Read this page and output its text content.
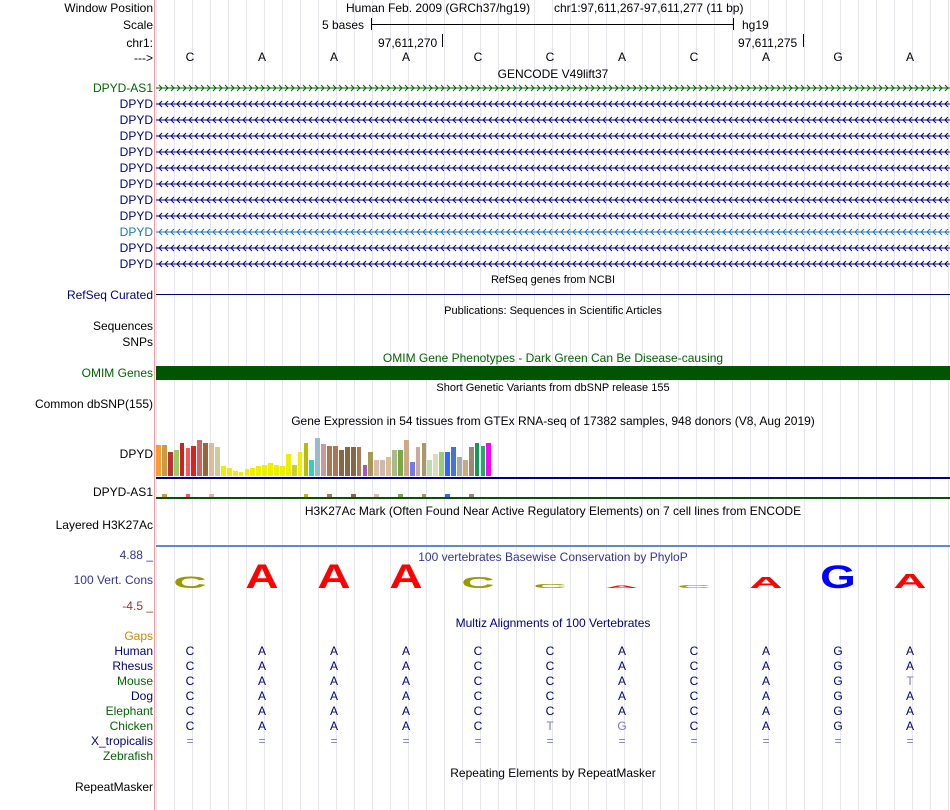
Window Position
Scale
chr1:
--->
Human Feb. 2009 (GRCh37/hg19) chr1:97,611,267-97,611,277 (11 bp)
5 bases	hg19
97,611,270	97,611,275
C	A	A	A	C	C	A	C	A	G	A
GENCODE V49lift37
DPYD-AS1
DPYD
DPYD
DPYD
DPYD
DPYD
DPYD
DPYD
DPYD
DPYD
DPYD
DPYD
RefSeq genes from NCBI
RefSeq Curated
Publications: Sequences in Scientific Articles
Sequences
SNPs
OMIM Gene Phenotypes - Dark Green Can Be Disease-causing
OMIM Genes
Short Genetic Variants from dbSNP release 155
Common dbSNP(155)
Gene Expression in 54 tissues from GTEx RNA-seq of 17382 samples, 948 donors (V8, Aug 2019)
DPYD
DPYD-AS1
H3K27Ac Mark (Often Found Near Active Regulatory Elements) on 7 cell lines from ENCODE
Layered H3K27Ac
100 vertebrates Basewise Conservation by PhyloP
4.88 _
100 Vert. Cons
-4.5 _
C A A A C C A C A G A
Multiz Alignments of 100 Vertebrates
Gaps
Human	C	A	A	A	C	C	A	C	A	G	A
Rhesus	C	A	A	A	C	C	A	C	A	G	A
Mouse	C	A	A	A	C	C	A	C	A	G	T
Dog	C	A	A	A	C	C	A	C	A	G	A
Elephant	C	A	A	A	C	C	A	C	A	G	A
Chicken	C	A	A	A	C	T	G	C	A	G	A
X_tropicalis	=	=	=	=	=	=	=	=	=	=	=
Zebrafish
Repeating Elements by RepeatMasker
RepeatMasker
